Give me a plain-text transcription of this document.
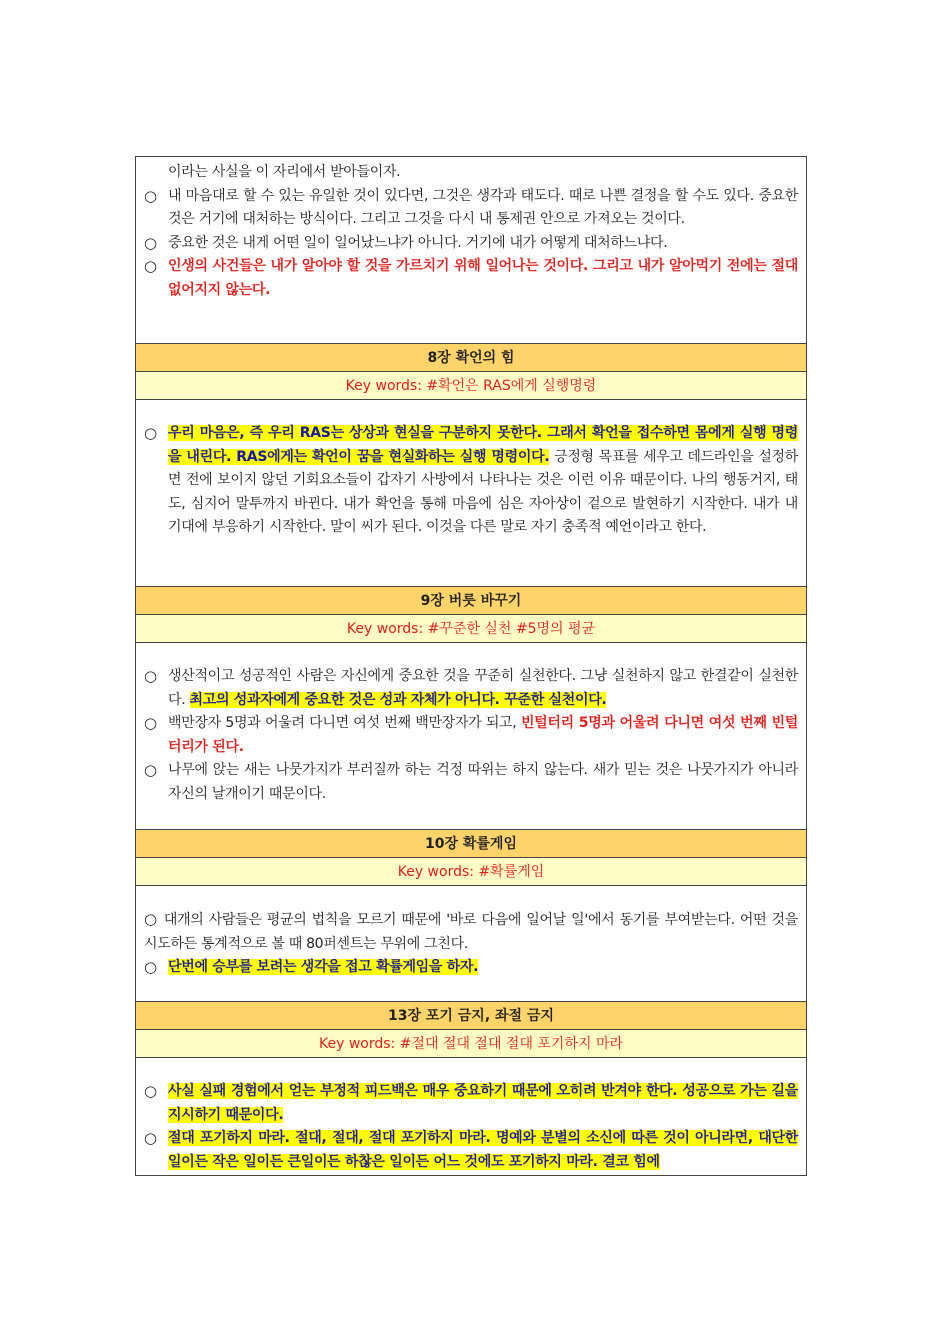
이라는 사실을 이 자리에서 받아들이자.
○ 내 마음대로 할 수 있는 유일한 것이 있다면, 그것은 생각과 태도다. 때로 나쁜 결정을 할 수도 있다. 중요한 것은 거기에 대처하는 방식이다. 그리고 그것을 다시 내 통제권 안으로 가져오는 것이다.
○ 중요한 것은 내게 어떤 일이 일어났느냐가 아니다. 거기에 내가 어떻게 대처하느냐다.
○ 인생의 사건들은 내가 알아야 할 것을 가르치기 위해 일어나는 것이다. 그리고 내가 알아먹기 전에는 절대 없어지지 않는다.
8장 확언의 힘
Key words: #확언은 RAS에게 실행명령
○ 우리 마음은, 즉 우리 RAS는 상상과 현실을 구분하지 못한다. 그래서 확언을 접수하면 몸에게 실행 명령을 내린다. RAS에게는 확언이 꿈을 현실화하는 실행 명령이다. 긍정형 목표를 세우고 데드라인을 설정하면 전에 보이지 않던 기회요소들이 갑자기 사방에서 나타나는 것은 이런 이유 때문이다. 나의 행동거지, 태도, 심지어 말투까지 바뀐다. 내가 확언을 통해 마음에 심은 자아상이 겉으로 발현하기 시작한다. 내가 내 기대에 부응하기 시작한다. 말이 씨가 된다. 이것을 다른 말로 자기 충족적 예언이라고 한다.
9장 버릇 바꾸기
Key words: #꾸준한 실천 #5명의 평균
○ 생산적이고 성공적인 사람은 자신에게 중요한 것을 꾸준히 실천한다. 그냥 실천하지 않고 한결같이 실천한다. 최고의 성과자에게 중요한 것은 성과 자체가 아니다. 꾸준한 실천이다.
○ 백만장자 5명과 어울려 다니면 여섯 번째 백만장자가 되고, 빈털터리 5명과 어울려 다니면 여섯 번째 빈털터리가 된다.
○ 나무에 앉는 새는 나뭇가지가 부러질까 하는 걱정 따위는 하지 않는다. 새가 믿는 것은 나뭇가지가 아니라 자신의 날개이기 때문이다.
10장 확률게임
Key words: #확률게임
○ 대개의 사람들은 평균의 법칙을 모르기 때문에 '바로 다음에 일어날 일'에서 동기를 부여받는다. 어떤 것을 시도하든 통계적으로 볼 때 80퍼센트는 무위에 그친다.
○ 단번에 승부를 보려는 생각을 접고 확률게임을 하자.
13장 포기 금지, 좌절 금지
Key words: #절대 절대 절대 절대 포기하지 마라
○ 사실 실패 경험에서 얻는 부정적 피드백은 매우 중요하기 때문에 오히려 반겨야 한다. 성공으로 가는 길을 지시하기 때문이다.
○ 절대 포기하지 마라. 절대, 절대, 절대 포기하지 마라. 명예와 분별의 소신에 따른 것이 아니라면, 대단한 일이든 작은 일이든 큰일이든 하찮은 일이든 어느 것에도 포기하지 마라. 결코 힘에
